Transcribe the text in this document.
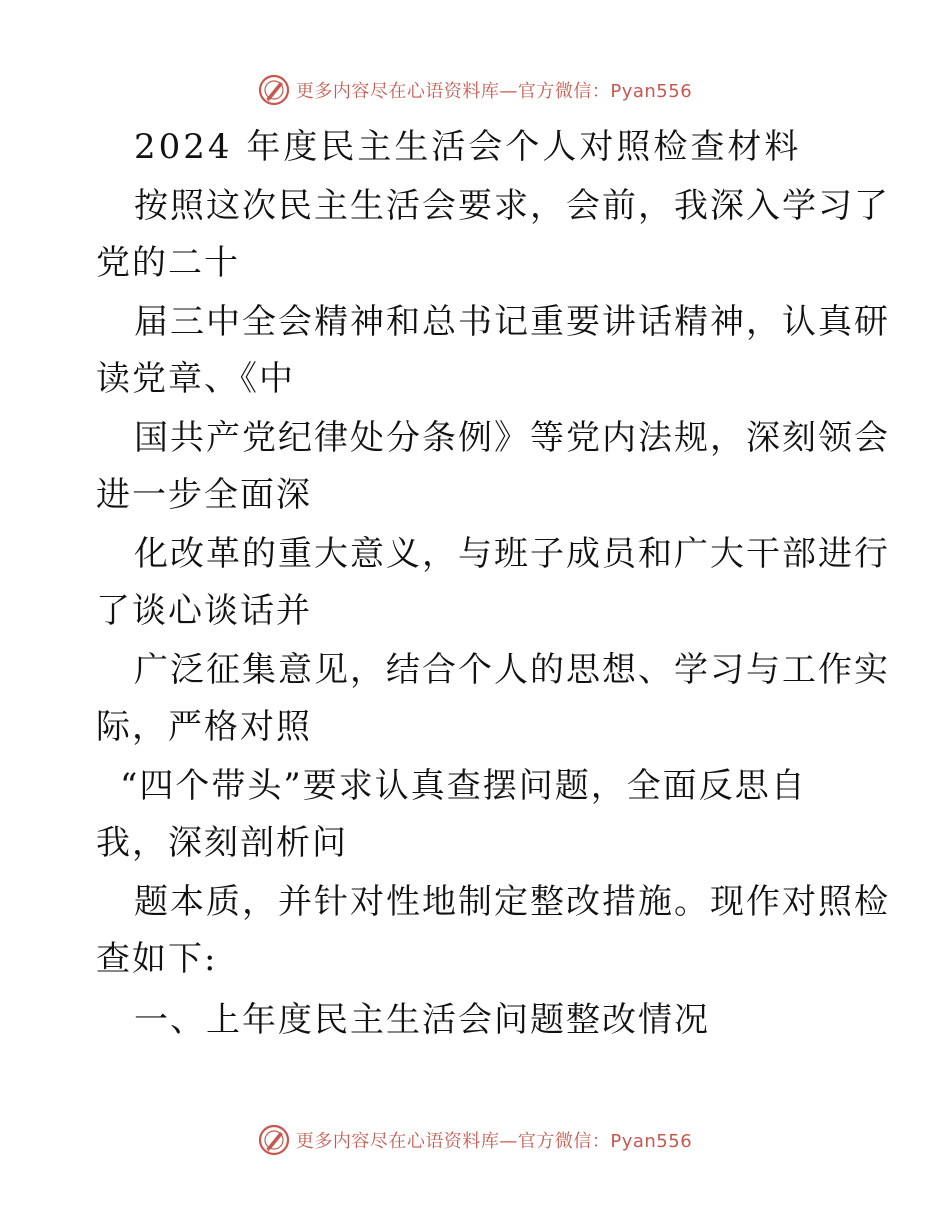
更多内容尽在心语资料库—官方微信：Pyan556
2024 年度民主生活会个人对照检查材料
按照这次民主生活会要求，会前，我深入学习了
党的二十
届三中全会精神和总书记重要讲话精神，认真研
读党章、《中
国共产党纪律处分条例》等党内法规，深刻领会
进一步全面深
化改革的重大意义，与班子成员和广大干部进行
了谈心谈话并
广泛征集意见，结合个人的思想、学习与工作实
际，严格对照
“四个带头”要求认真查摆问题，全面反思自
我，深刻剖析问
题本质，并针对性地制定整改措施。现作对照检
查如下:
一、上年度民主生活会问题整改情况
更多内容尽在心语资料库—官方微信：Pyan556
